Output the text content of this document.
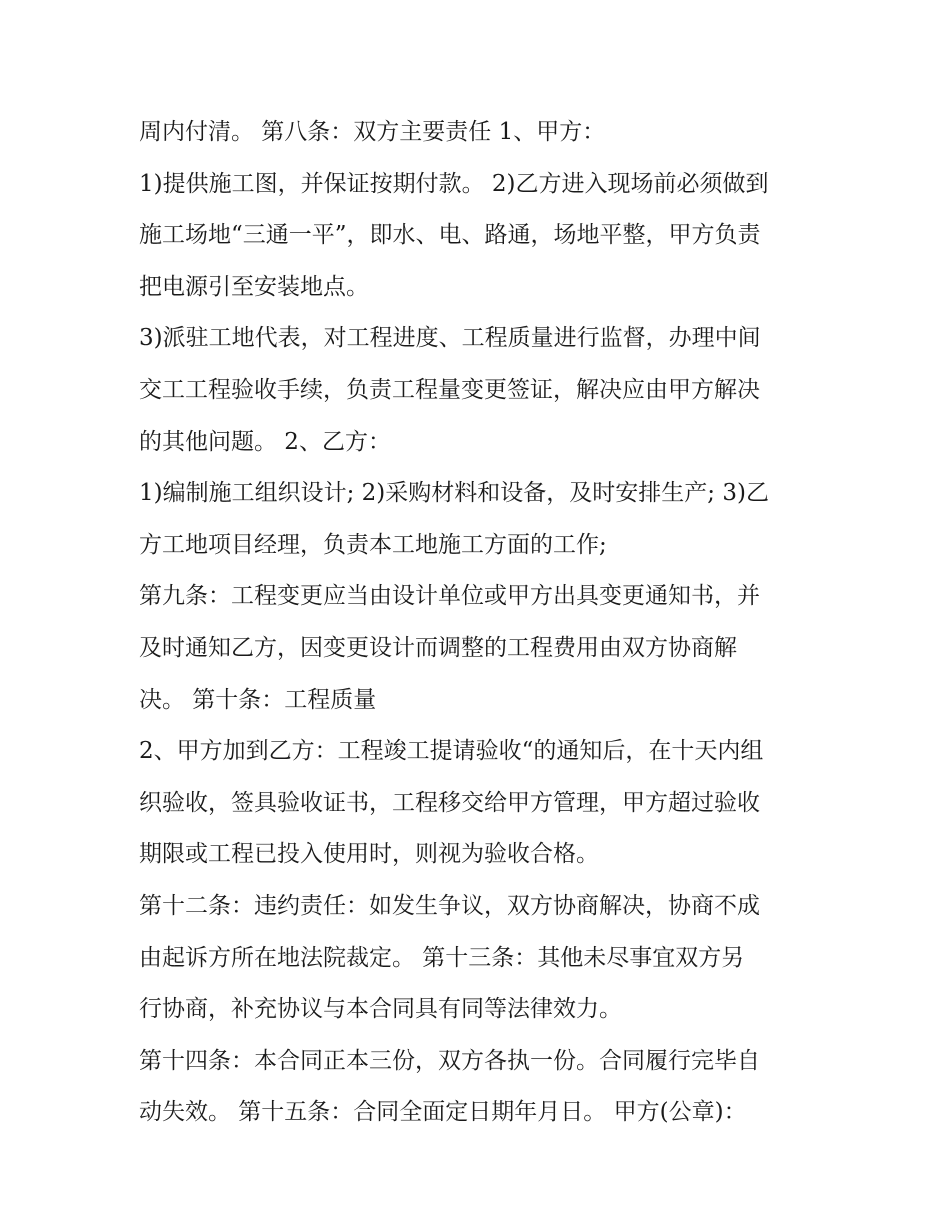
周内付清。 第八条：双方主要责任 1、甲方：

1)提供施工图，并保证按期付款。 2)乙方进入现场前必须做到
施工场地“三通一平”，即水、电、路通，场地平整，甲方负责
把电源引至安装地点。

3)派驻工地代表，对工程进度、工程质量进行监督，办理中间
交工工程验收手续，负责工程量变更签证，解决应由甲方解决
的其他问题。 2、乙方：

1)编制施工组织设计; 2)采购材料和设备，及时安排生产; 3)乙
方工地项目经理，负责本工地施工方面的工作;

第九条：工程变更应当由设计单位或甲方出具变更通知书，并
及时通知乙方，因变更设计而调整的工程费用由双方协商解
决。 第十条：工程质量

2、甲方加到乙方：工程竣工提请验收“的通知后，在十天内组
织验收，签具验收证书，工程移交给甲方管理，甲方超过验收
期限或工程已投入使用时，则视为验收合格。

第十二条：违约责任：如发生争议，双方协商解决，协商不成
由起诉方所在地法院裁定。 第十三条：其他未尽事宜双方另
行协商，补充协议与本合同具有同等法律效力。

第十四条：本合同正本三份，双方各执一份。合同履行完毕自
动失效。 第十五条：合同全面定日期年月日。 甲方(公章)：
